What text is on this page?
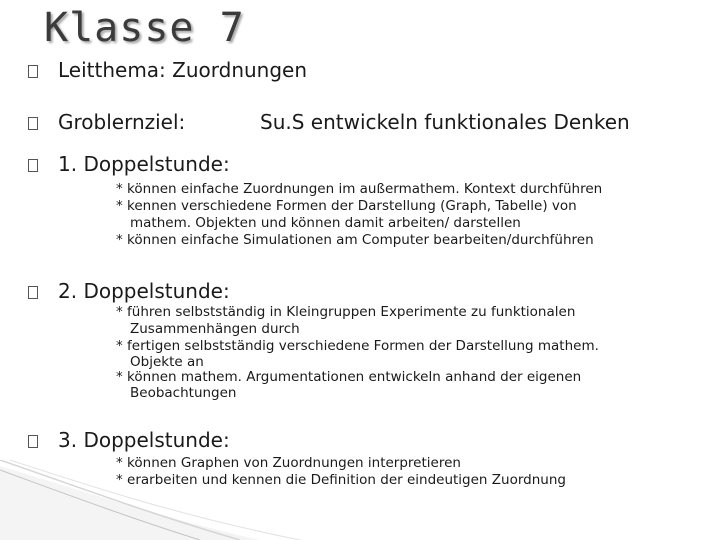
Klasse 7
Leitthema: Zuordnungen
Groblernziel:	Su.S entwickeln funktionales Denken
1. Doppelstunde:
* können einfache Zuordnungen im außermathem. Kontext durchführen
* kennen verschiedene Formen der Darstellung (Graph, Tabelle) von
mathem. Objekten und können damit arbeiten/ darstellen
* können einfache Simulationen am Computer bearbeiten/durchführen
2. Doppelstunde:
* führen selbstständig in Kleingruppen Experimente zu funktionalen
Zusammenhängen durch
* fertigen selbstständig verschiedene Formen der Darstellung mathem.
Objekte an
* können mathem. Argumentationen entwickeln anhand der eigenen
Beobachtungen
3. Doppelstunde:
* können Graphen von Zuordnungen interpretieren
* erarbeiten und kennen die Definition der eindeutigen Zuordnung
